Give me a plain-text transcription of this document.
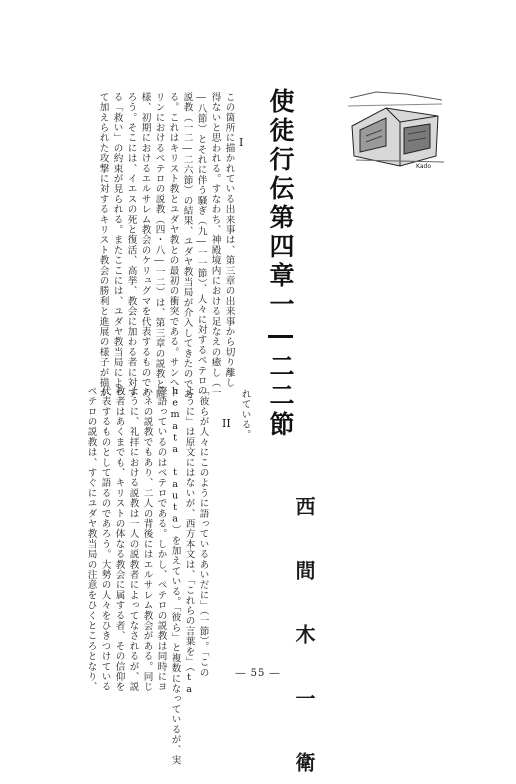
使徒行伝第四章一―二二節	Kado
I
この箇所に描かれている出来事は、第三章の出来事から切り離し
得ないと思われる。すなわち、神殿境内における足なえの癒し（一
―八節）とそれに伴う騒ぎ（九―一一節）、人々に対するペテロの
説教（一二―二六節）の結果、ユダヤ教当局が介入してきたのであ
る。これはキリスト教とユダヤ教との最初の衝突である。サンヘド
リンにおけるペテロの説教（四・八―一二）は、第三章の説教と同
様、初期におけるエルサレム教会のケリュグマを代表するものであ
ろう。そこには、イエスの死と復活、高挙、教会に加わる者に対す
る「救い」の約束が見られる。またここには、ユダヤ教当局によっ
て加えられた攻撃に対するキリスト教会の勝利と進展の様子が描か
れている。
II
西　間　木　一　衛
「彼らが人々にこのように語っているあいだに」（一節）。「この
ように」は原文にはないが、西方本文は、「これらの言葉を」（ta
hemata tauta）を加えている。「彼ら」と複数になっているが、実
際語っているのはペテロである。しかし、ペテロの説教は同時にヨ
ハネの説教でもあり、二人の背後にはエルサレム教会がある。同じ
ように、礼拝における説教は一人の説教者によってなされるが、説
教者はあくまでも、キリストの体なる教会に属する者、その信仰を
代表するものとして語るのであろう。大勢の人々をひきつけている
ペテロの説教は、すぐにユダヤ教当局の注意をひくところとなり、	― 55 ―
